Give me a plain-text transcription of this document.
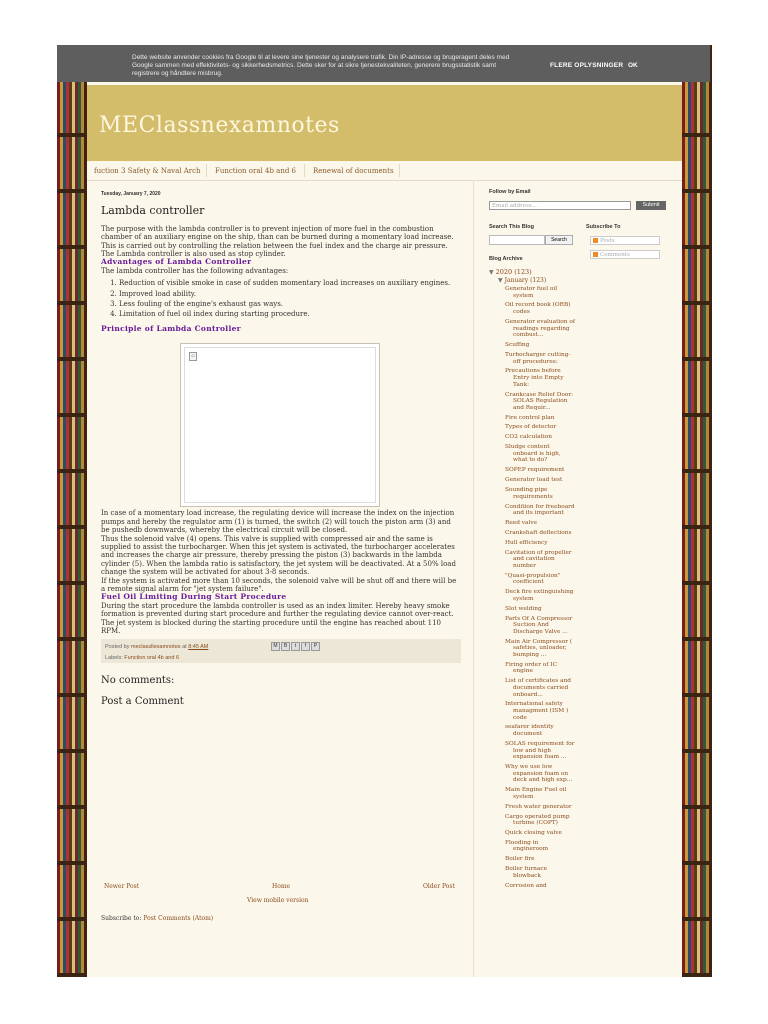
MEClassnexamnotes
fuction 3 Safety & Naval Arch Function oral 4b and 6 Renewal of documents
Tuesday, January 7, 2020
Lambda controller

The purpose with the lambda controller is to prevent injection of more fuel in the combustion chamber of an auxiliary engine on the ship, than can be burned during a momentary load increase. This is carried out by controlling the relation between the fuel index and the charge air pressure. The Lambda controller is also used as stop cylinder.

Advantages of Lambda Controller

The lambda controller has the following advantages:

1. Reduction of visible smoke in case of sudden momentary load increases on auxiliary engines.
2. Improved load ability.
3. Less fouling of the engine's exhaust gas ways.
4. Limitation of fuel oil index during starting procedure.
Principle of Lambda Controller

In case of a momentary load increase, the regulating device will increase the index on the injection pumps and hereby the regulator arm (1) is turned, the switch (2) will touch the piston arm (3) and be pushedb downwards, whereby the electrical circuit will be closed.

Thus the solenoid valve (4) opens. This valve is supplied with compressed air and the same is supplied to assist the turbocharger. When this jet system is activated, the turbocharger accelerates and increases the charge air pressure, thereby pressing the piston (3) backwards in the lambda cylinder (5). When the lambda ratio is satisfactory, the jet system will be deactivated. At a 50% load change the system will be activated for about 3-8 seconds.

If the system is activated more than 10 seconds, the solenoid valve will be shut off and there will be a remote signal alarm for "jet system failure".

Fuel Oil Limiting During Start Procedure

During the start procedure the lambda controller is used as an index limiter. Hereby heavy smoke formation is prevented during start procedure and further the regulating device cannot over-react. The jet system is blocked during the starting procedure until the engine has reached about 110 RPM.

▫
Posted by meclassllexamnotes at 8:45 AM	M B t f P
Labels: Function oral 4b and 6
No comments:
Post a Comment
Newer Post	Home	Older Post
View mobile version
Subscribe to: Post Comments (Atom)
Follow by Email
Email address...	Submit
Search This Blog
Search
Subscribe To
Posts
Comments
Blog Archive
▼ 2020 (123)
▼ January (123)
Generator fuel oil system
Oil record book (ORB) codes
Generator evaluation of readings regarding combust...
Scuffing
Turbocharger cutting-off procedures:
Precautions before Entry into Empty Tank:
Crankcase Relief Door: SOLAS Regulation and Requir...
Fire control plan
Types of detector
CO2 calculation
Sludge content onboard is high, what to do?
SOPEP requirement
Generator load test
Sounding pipe requirements
Condition for freeboard and its important
Reed valve
Crankshaft deflections
Hull efficiency
Cavitation of propeller and cavitation number
"Quasi-propulsion" coefficient
Deck fire extinguishing system
Slot welding
Parts Of A Compressor Suction And Discharge Valve ...
Main Air Compressor ( safeties, unloader, bumping ...
Firing order of IC engine
List of certificates and documents carried onboard...
International safety managment (ISM ) code
seafarer identity document
SOLAS requirement for low and high expansion foam ...
Why we use low expansion foam on deck and high exp...
Main Engine Fuel oil system
Fresh water generator
Cargo operated pump turbine (COPT)
Quick closing valve
Flooding in engineroom
Boiler fire
Boiler furnace blowback
Corrosion and
Dette website anvender cookies fra Google til at levere sine tjenester og analysere trafik. Din IP-adresse og brugeragent deles med Google sammen med effektivitets- og sikkerhedsmetrics. Dette sker for at sikre tjenestekvaliteten, generere brugsstatistik samt registrere og håndtere misbrug.
FLERE OPLYSNINGER OK
